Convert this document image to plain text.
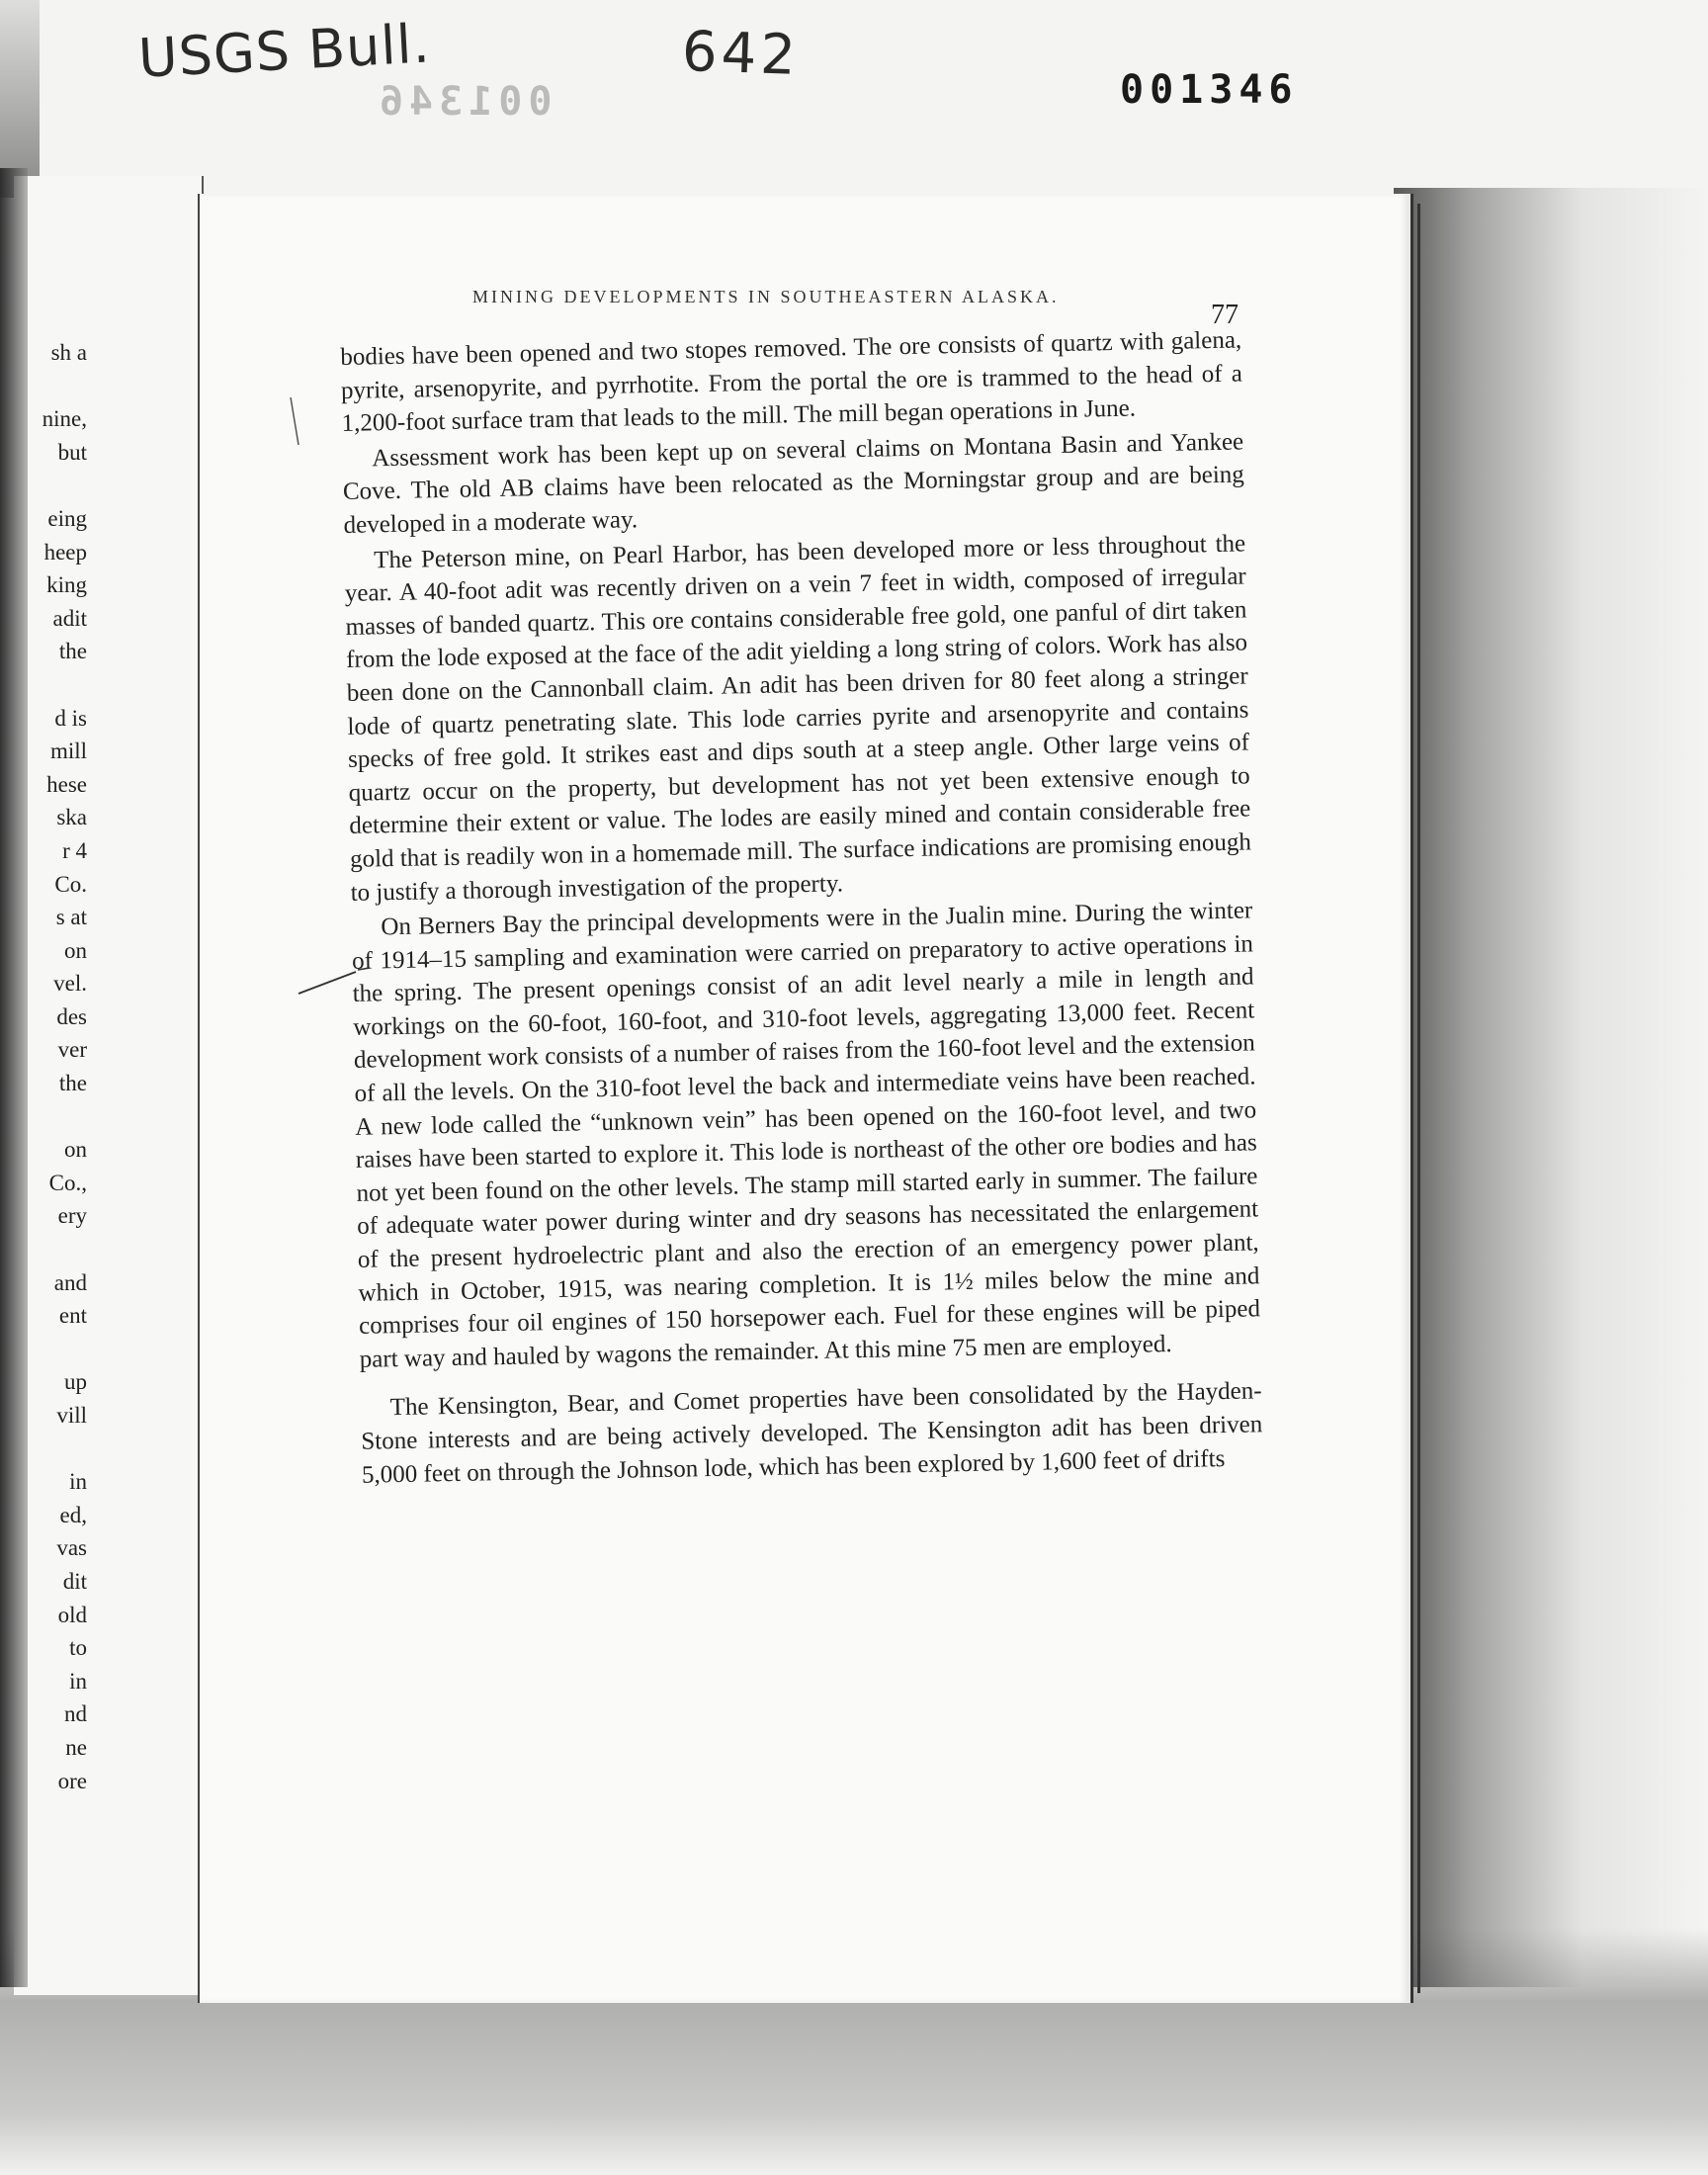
sh a
nine,
but
eing
heep
king
adit
the
d is
mill
hese
ska
r 4
Co.
s at
on
vel.
des
ver
the
on
Co.,
ery
and
ent
up
vill
in
ed,
vas
dit
old
to
in
nd
ne
ore
USGS Bull.	642
001346
001346
MINING DEVELOPMENTS IN SOUTHEASTERN ALASKA.
77

bodies have been opened and two stopes removed. The ore consists of quartz with galena, pyrite, arsenopyrite, and pyrrhotite. From the portal the ore is trammed to the head of a 1,200-foot surface tram that leads to the mill. The mill began operations in June.

Assessment work has been kept up on several claims on Montana Basin and Yankee Cove. The old AB claims have been relocated as the Morningstar group and are being developed in a moderate way.

The Peterson mine, on Pearl Harbor, has been developed more or less throughout the year. A 40-foot adit was recently driven on a vein 7 feet in width, composed of irregular masses of banded quartz. This ore contains considerable free gold, one panful of dirt taken from the lode exposed at the face of the adit yielding a long string of colors. Work has also been done on the Cannonball claim. An adit has been driven for 80 feet along a stringer lode of quartz penetrating slate. This lode carries pyrite and arsenopyrite and contains specks of free gold. It strikes east and dips south at a steep angle. Other large veins of quartz occur on the property, but development has not yet been extensive enough to determine their extent or value. The lodes are easily mined and contain considerable free gold that is readily won in a homemade mill. The surface indications are promising enough to justify a thorough investigation of the property.

On Berners Bay the principal developments were in the Jualin mine. During the winter of 1914–15 sampling and examination were carried on preparatory to active operations in the spring. The present openings consist of an adit level nearly a mile in length and workings on the 60-foot, 160-foot, and 310-foot levels, aggregating 13,000 feet. Recent development work consists of a number of raises from the 160-foot level and the extension of all the levels. On the 310-foot level the back and intermediate veins have been reached. A new lode called the “unknown vein” has been opened on the 160-foot level, and two raises have been started to explore it. This lode is northeast of the other ore bodies and has not yet been found on the other levels. The stamp mill started early in summer. The failure of adequate water power during winter and dry seasons has necessitated the enlargement of the present hydroelectric plant and also the erection of an emergency power plant, which in October, 1915, was nearing completion. It is 1½ miles below the mine and comprises four oil engines of 150 horsepower each. Fuel for these engines will be piped part way and hauled by wagons the remainder. At this mine 75 men are employed.

The Kensington, Bear, and Comet properties have been consolidated by the Hayden-Stone interests and are being actively developed. The Kensington adit has been driven 5,000 feet on through the Johnson lode, which has been explored by 1,600 feet of drifts
